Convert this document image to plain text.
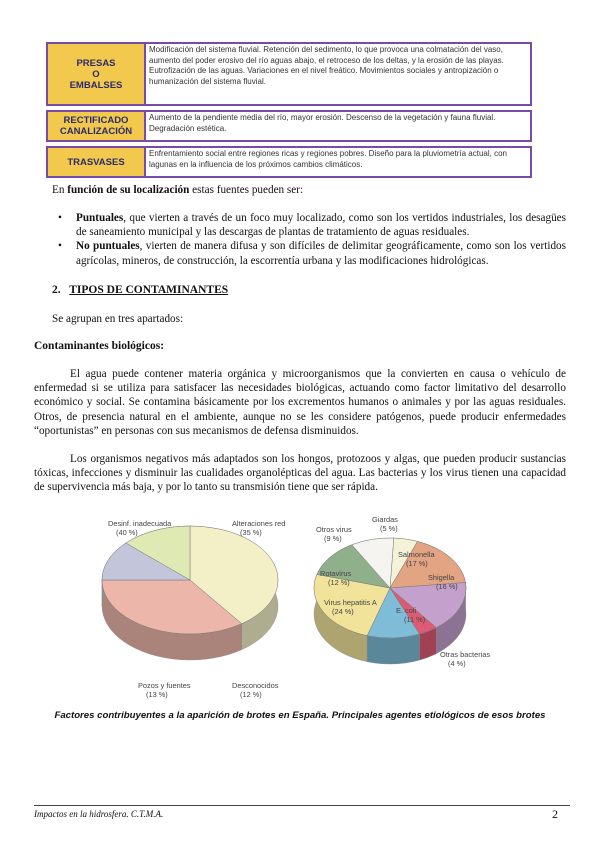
PRESAS
O
EMBALSES
Modificación del sistema fluvial. Retención del sedimento, lo que provoca una colmatación del vaso, aumento del poder erosivo del río aguas abajo, el retroceso de los deltas, y la erosión de las playas. Eutrofización de las aguas. Variaciones en el nivel freático. Movimientos sociales y antropización o humanización del sistema fluvial.
RECTIFICADO
CANALIZACIÓN
Aumento de la pendiente media del río, mayor erosión. Descenso de la vegetación y fauna fluvial. Degradación estética.
TRASVASES
Enfrentamiento social entre regiones ricas y regiones pobres. Diseño para la pluviometría actual, con lagunas en la influencia de los próximos cambios climáticos.
En función de su localización estas fuentes pueden ser:
• Puntuales, que vierten a través de un foco muy localizado, como son los vertidos industriales, los desagües de saneamiento municipal y las descargas de plantas de tratamiento de aguas residuales.
• No puntuales, vierten de manera difusa y son difíciles de delimitar geográficamente, como son los vertidos agrícolas, mineros, de construcción, la escorrentía urbana y las modificaciones hidrológicas.
2. TIPOS DE CONTAMINANTES
Se agrupan en tres apartados:
Contaminantes biológicos:
El agua puede contener materia orgánica y microorganismos que la convierten en causa o vehículo de enfermedad si se utiliza para satisfacer las necesidades biológicas, actuando como factor limitativo del desarrollo económico y social. Se contamina básicamente por los excrementos humanos o animales y por las aguas residuales. Otros, de presencia natural en el ambiente, aunque no se les considere patógenos, puede producir enfermedades “oportunistas” en personas con sus mecanismos de defensa disminuidos.
Los organismos negativos más adaptados son los hongos, protozoos y algas, que pueden producir sustancias tóxicas, infecciones y disminuir las cualidades organolépticas del agua. Las bacterias y los virus tienen una capacidad de supervivencia más baja, y por lo tanto su transmisión tiene que ser rápida.
Desinf. inadecuada
(40 %)
Alteraciones red
(35 %)
Desconocidos
(12 %)
Pozos y fuentes
(13 %)
Giardas
(5 %)
Salmonella
(17 %)
Shigella
(16 %)
Otras bacterias
(4 %)
E. coli
(11 %)
Virus hepatitis A
(24 %)
Rotavirus
(12 %)
Otros virus
(9 %)
Factores contribuyentes a la aparición de brotes en España. Principales agentes etiológicos de esos brotes
Impactos en la hidrosfera. C.T.M.A.	2
